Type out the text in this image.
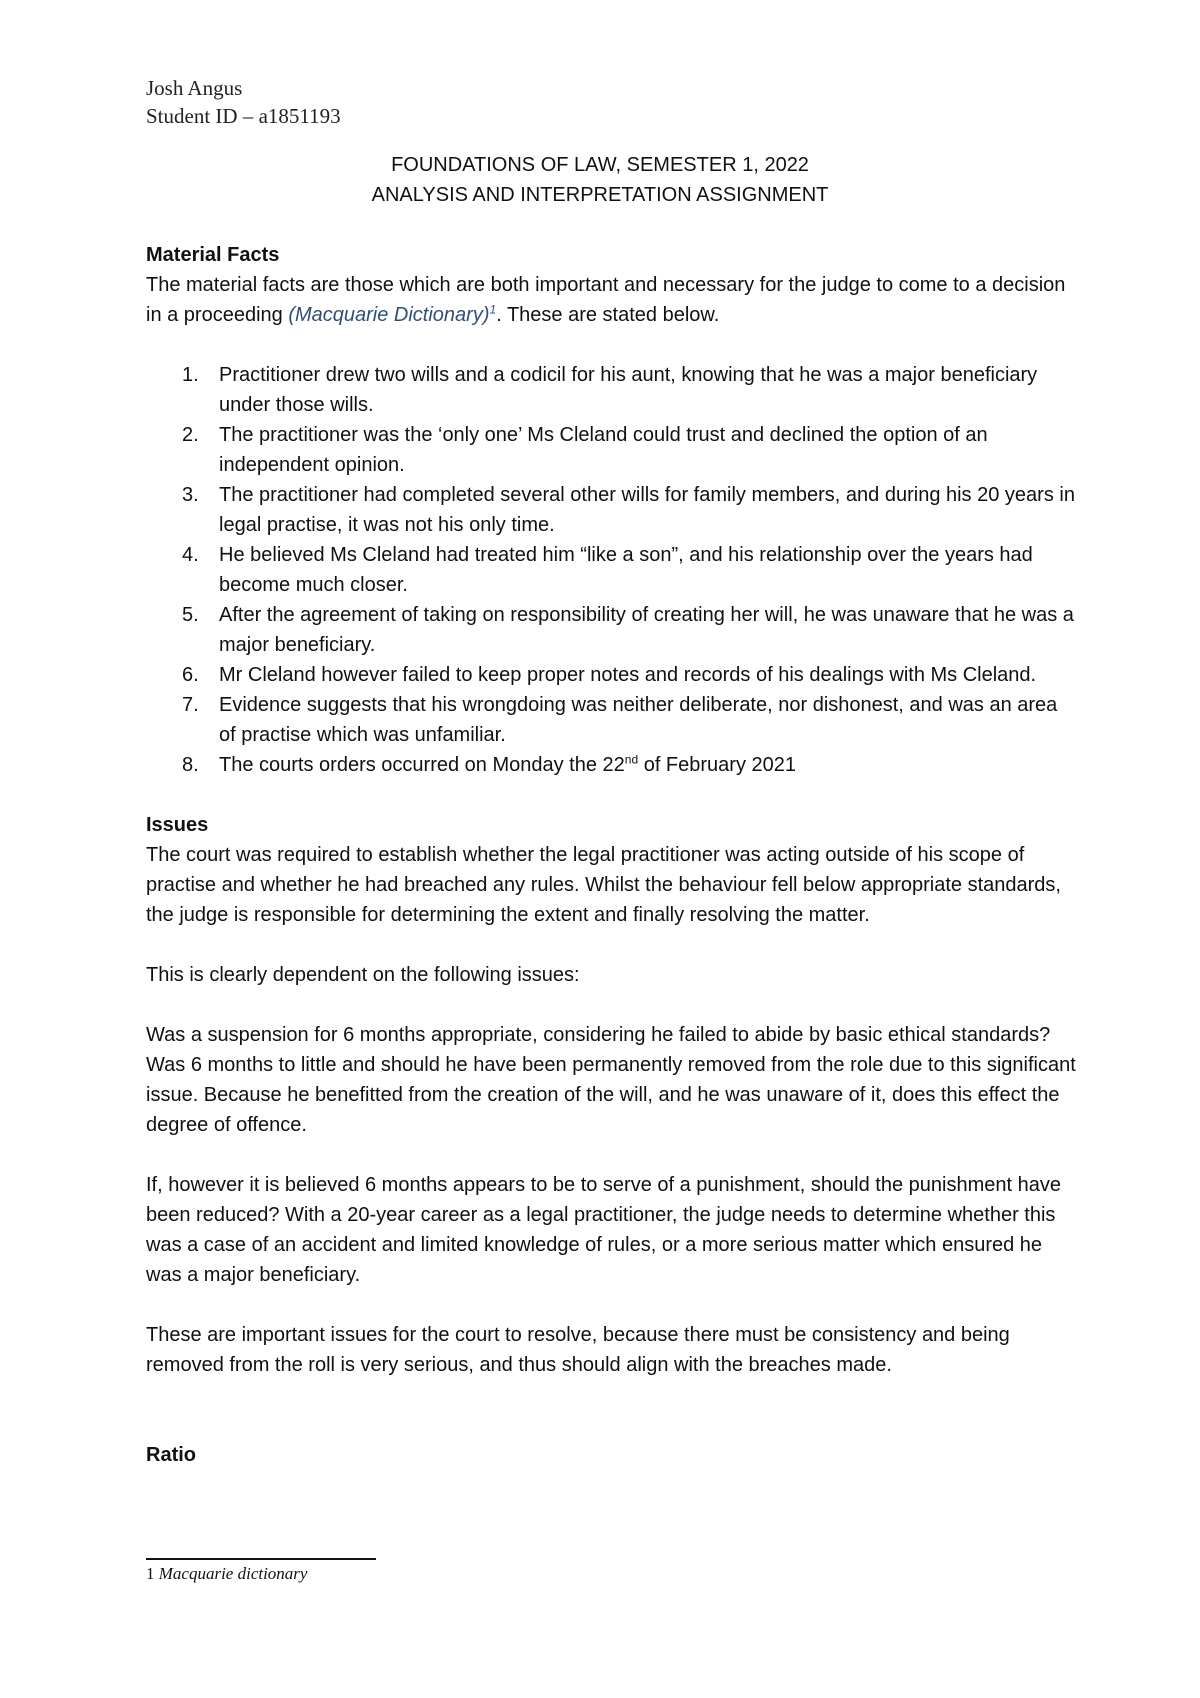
Josh Angus
Student ID – a1851193
FOUNDATIONS OF LAW, SEMESTER 1, 2022
ANALYSIS AND INTERPRETATION ASSIGNMENT

Material Facts

The material facts are those which are both important and necessary for the judge to come to a decision in a proceeding (Macquarie Dictionary)$^1$. These are stated below.

1. Practitioner drew two wills and a codicil for his aunt, knowing that he was a major beneficiary under those wills.
2. The practitioner was the ‘only one’ Ms Cleland could trust and declined the option of an independent opinion.
3. The practitioner had completed several other wills for family members, and during his 20 years in legal practise, it was not his only time.
4. He believed Ms Cleland had treated him “like a son”, and his relationship over the years had become much closer.
5. After the agreement of taking on responsibility of creating her will, he was unaware that he was a major beneficiary.
6. Mr Cleland however failed to keep proper notes and records of his dealings with Ms Cleland.
7. Evidence suggests that his wrongdoing was neither deliberate, nor dishonest, and was an area of practise which was unfamiliar.
8. The courts orders occurred on Monday the 22nd of February 2021

Issues

The court was required to establish whether the legal practitioner was acting outside of his scope of practise and whether he had breached any rules. Whilst the behaviour fell below appropriate standards, the judge is responsible for determining the extent and finally resolving the matter.

This is clearly dependent on the following issues:

Was a suspension for 6 months appropriate, considering he failed to abide by basic ethical standards? Was 6 months to little and should he have been permanently removed from the role due to this significant issue. Because he benefitted from the creation of the will, and he was unaware of it, does this effect the degree of offence.

If, however it is believed 6 months appears to be to serve of a punishment, should the punishment have been reduced? With a 20-year career as a legal practitioner, the judge needs to determine whether this was a case of an accident and limited knowledge of rules, or a more serious matter which ensured he was a major beneficiary.

These are important issues for the court to resolve, because there must be consistency and being removed from the roll is very serious, and thus should align with the breaches made.

Ratio

1 Macquarie dictionary
